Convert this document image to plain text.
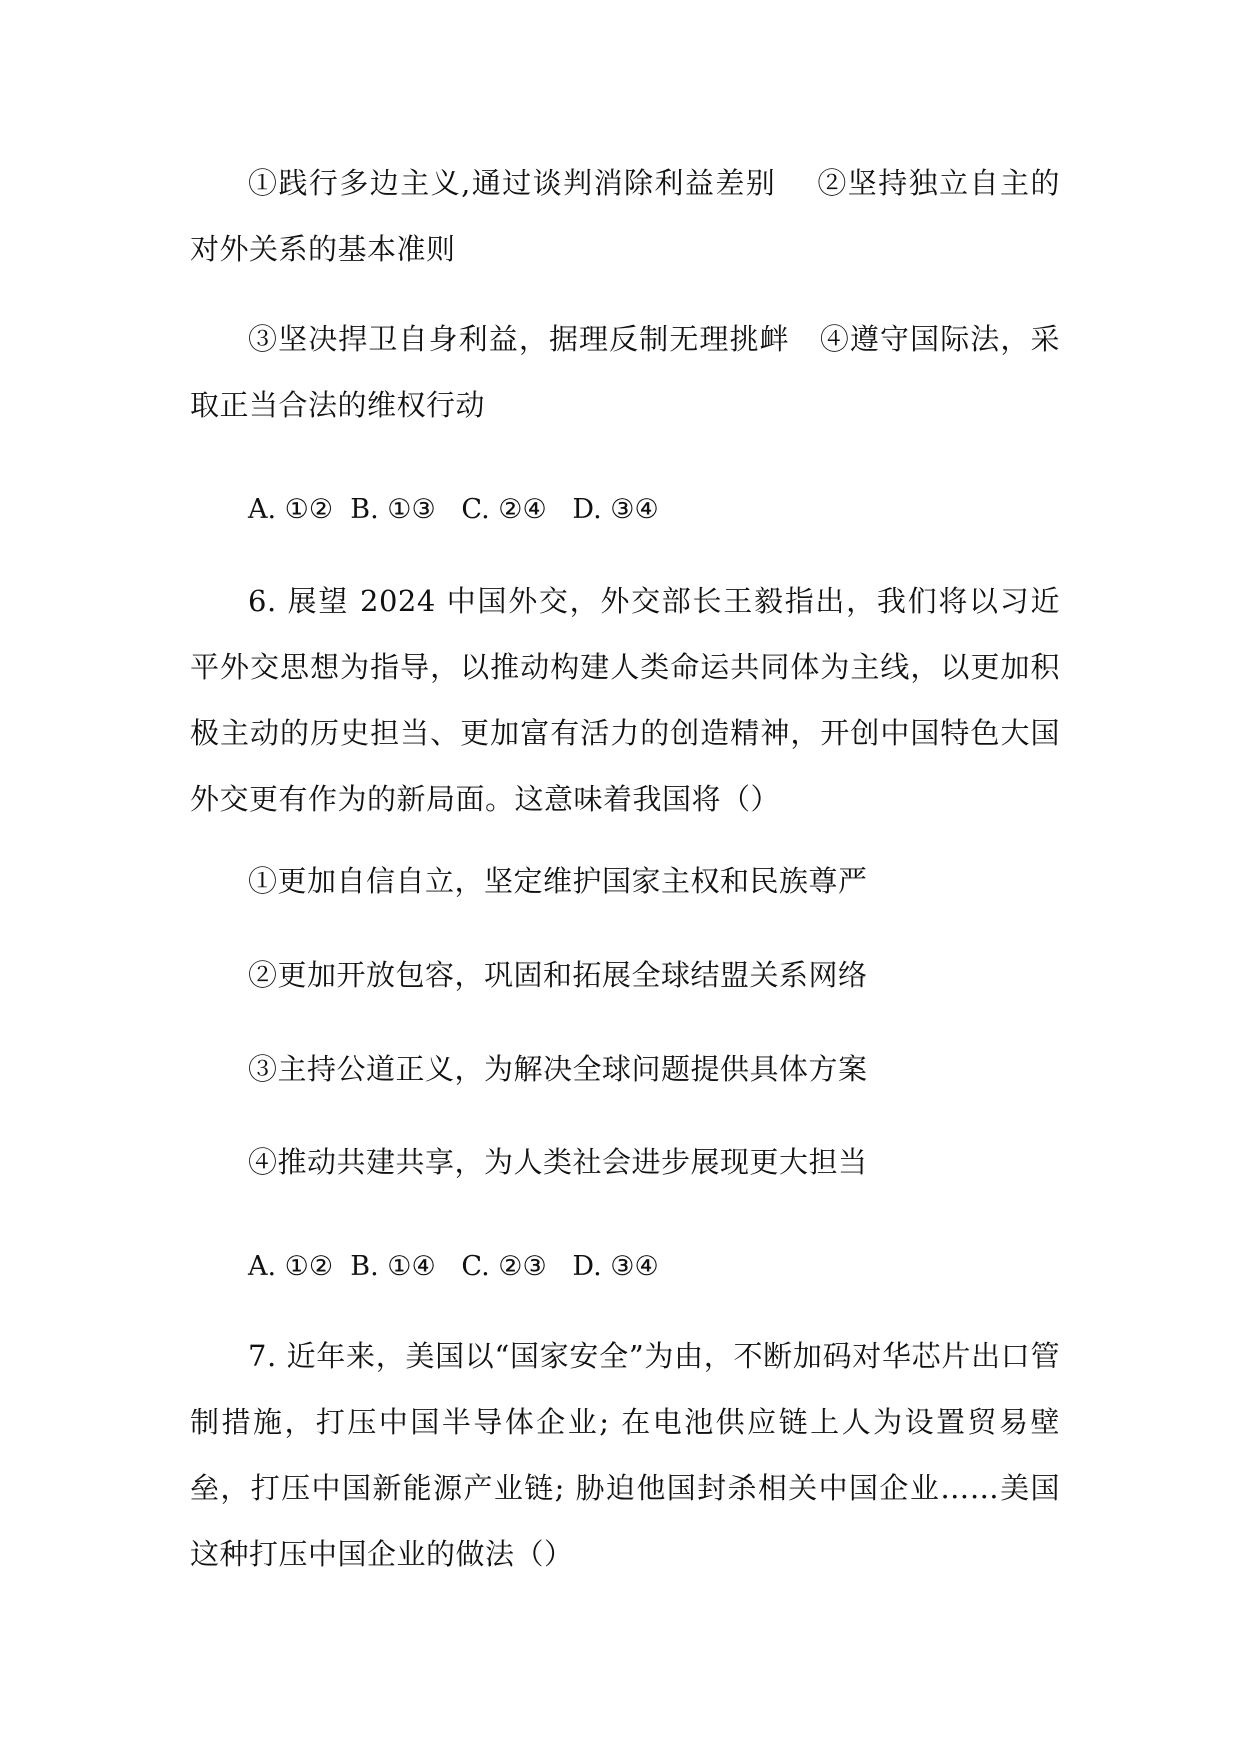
①践行多边主义,通过谈判消除利益差别　 ②坚持独立自主的对外关系的基本准则
③坚决捍卫自身利益，据理反制无理挑衅　④遵守国际法，采取正当合法的维权行动
A. ①②  B. ①③   C. ②④   D. ③④
6. 展望 2024 中国外交，外交部长王毅指出，我们将以习近平外交思想为指导，以推动构建人类命运共同体为主线，以更加积极主动的历史担当、更加富有活力的创造精神，开创中国特色大国外交更有作为的新局面。这意味着我国将（）
①更加自信自立，坚定维护国家主权和民族尊严
②更加开放包容，巩固和拓展全球结盟关系网络
③主持公道正义，为解决全球问题提供具体方案
④推动共建共享，为人类社会进步展现更大担当
A. ①②  B. ①④   C. ②③   D. ③④
7. 近年来，美国以“国家安全”为由，不断加码对华芯片出口管制措施，打压中国半导体企业; 在电池供应链上人为设置贸易壁垒，打压中国新能源产业链; 胁迫他国封杀相关中国企业……美国这种打压中国企业的做法（）
